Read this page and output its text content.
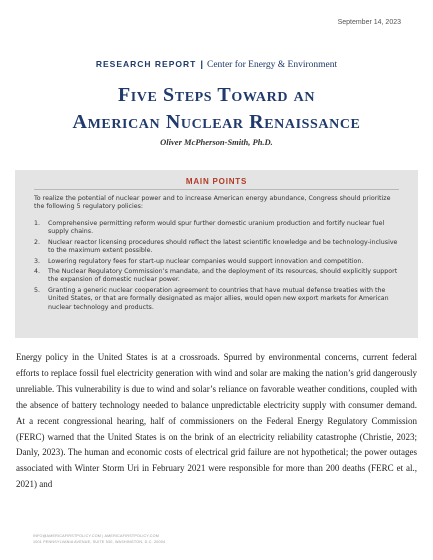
September 14, 2023
RESEARCH REPORT | Center for Energy & Environment
Five Steps Toward an
American Nuclear Renaissance
Oliver McPherson-Smith, Ph.D.
MAIN POINTS
To realize the potential of nuclear power and to increase American energy abundance, Congress should prioritize the following 5 regulatory policies:
1. Comprehensive permitting reform would spur further domestic uranium production and fortify nuclear fuel supply chains.
2. Nuclear reactor licensing procedures should reflect the latest scientific knowledge and be technology-inclusive to the maximum extent possible.
3. Lowering regulatory fees for start-up nuclear companies would support innovation and competition.
4. The Nuclear Regulatory Commission’s mandate, and the deployment of its resources, should explicitly support the expansion of domestic nuclear power.
5. Granting a generic nuclear cooperation agreement to countries that have mutual defense treaties with the United States, or that are formally designated as major allies, would open new export markets for American nuclear technology and products.

Energy policy in the United States is at a crossroads. Spurred by environmental concerns, current federal efforts to replace fossil fuel electricity generation with wind and solar are making the nation’s grid dangerously unreliable. This vulnerability is due to wind and solar’s reliance on favorable weather conditions, coupled with the absence of battery technology needed to balance unpredictable electricity supply with consumer demand. At a recent congressional hearing, half of commissioners on the Federal Energy Regulatory Commission (FERC) warned that the United States is on the brink of an electricity reliability catastrophe (Christie, 2023; Danly, 2023). The human and economic costs of electrical grid failure are not hypothetical; the power outages associated with Winter Storm Uri in February 2021 were responsible for more than 200 deaths (FERC et al., 2021) and

INFO@AMERICAFIRSTPOLICY.COM | AMERICAFIRSTPOLICY.COM
1001 PENNSYLVANIA AVENUE, SUITE 530, WASHINGTON, D.C. 20004
